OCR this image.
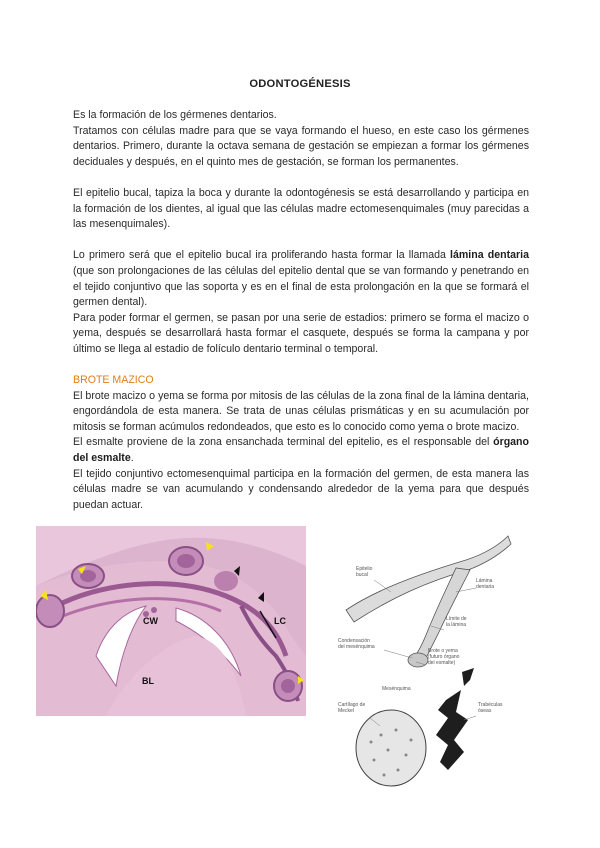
ODONTOGÉNESIS

Es la formación de los gérmenes dentarios.

Tratamos con células madre para que se vaya formando el hueso, en este caso los gérmenes dentarios. Primero, durante la octava semana de gestación se empiezan a formar los gérmenes deciduales y después, en el quinto mes de gestación, se forman los permanentes.

El epitelio bucal, tapiza la boca y durante la odontogénesis se está desarrollando y participa en la formación de los dientes, al igual que las células madre ectomesenquimales (muy parecidas a las mesenquimales).

Lo primero será que el epitelio bucal ira proliferando hasta formar la llamada lámina dentaria (que son prolongaciones de las células del epitelio dental que se van formando y penetrando en el tejido conjuntivo que las soporta y es en el final de esta prolongación en la que se formará el germen dental).

Para poder formar el germen, se pasan por una serie de estadios: primero se forma el macizo o yema, después se desarrollará hasta formar el casquete, después se forma la campana y por último se llega al estadio de folículo dentario terminal o temporal.

BROTE MAZICO

El brote macizo o yema se forma por mitosis de las células de la zona final de la lámina dentaria, engordándola de esta manera. Se trata de unas células prismáticas y en su acumulación por mitosis se forman acúmulos redondeados, que esto es lo conocido como yema o brote macizo.

El esmalte proviene de la zona ensanchada terminal del epitelio, es el responsable del órgano del esmalte.

El tejido conjuntivo ectomesenquimal participa en la formación del germen, de esta manera las células madre se van acumulando y condensando alrededor de la yema para que después puedan actuar.

CW
BL
LC
Epitelio
bucal
Lámina
dentaria
Límite de
la lámina
Condensación
del mesénquima
Brote o yema
(futuro órgano
del esmalte)
Mesénquima
Cartílago de
Meckel
Trabéculas
óseas
